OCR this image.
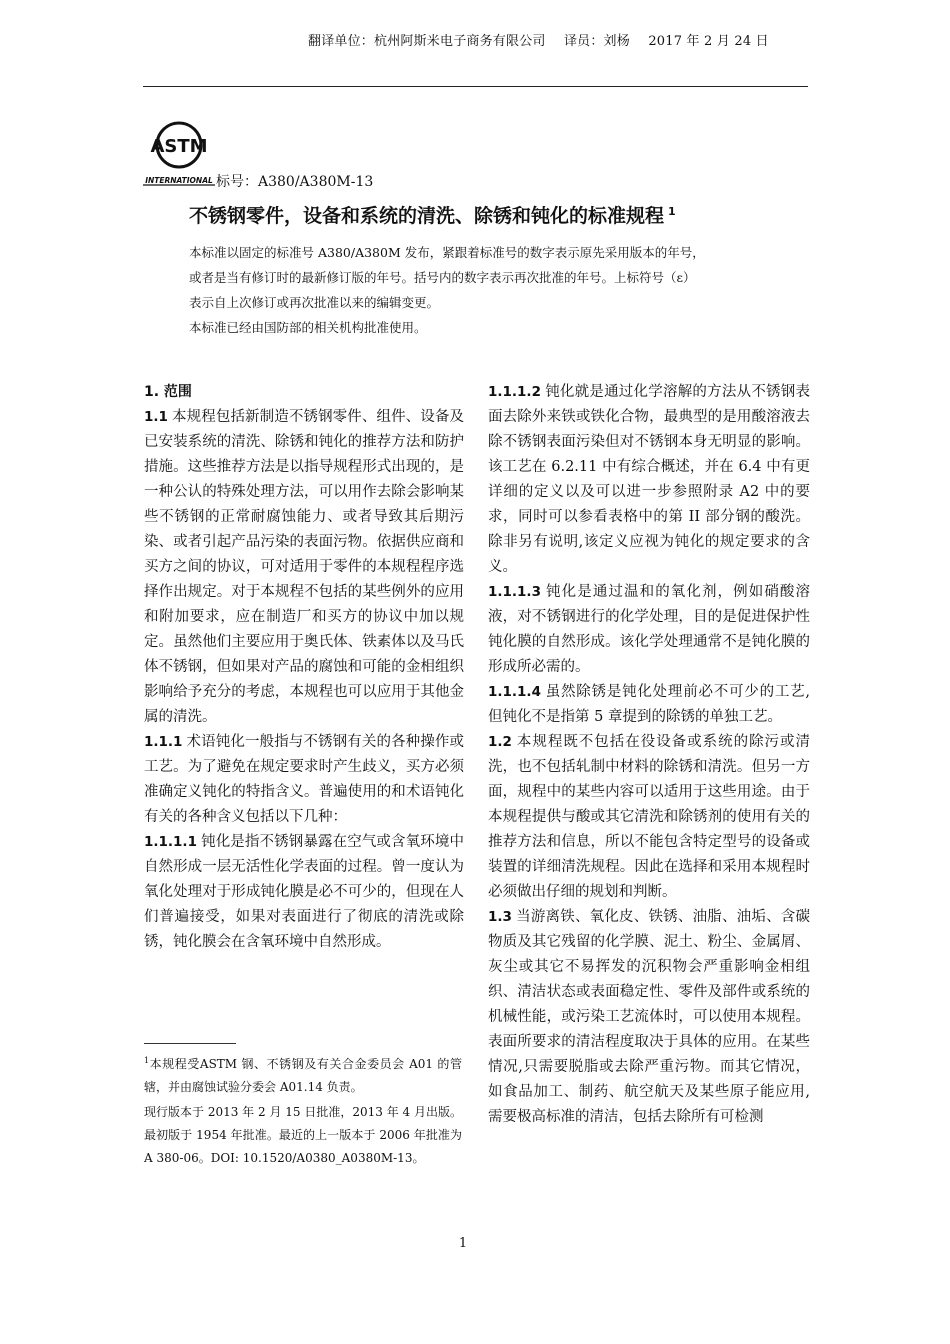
翻译单位：杭州阿斯米电子商务有限公司 译员：刘杨 2017 年 2 月 24 日
ASTM
INTERNATIONAL 标号：A380/A380M-13
不锈钢零件，设备和系统的清洗、除锈和钝化的标准规程 $^1$

本标准以固定的标准号 A380/A380M 发布，紧跟着标准号的数字表示原先采用版本的年号，

或者是当有修订时的最新修订版的年号。括号内的数字表示再次批准的年号。上标符号（ε）

表示自上次修订或再次批准以来的编辑变更。

本标准已经由国防部的相关机构批准使用。

1. 范围

1.1 本规程包括新制造不锈钢零件、组件、设备及已安装系统的清洗、除锈和钝化的推荐方法和防护措施。这些推荐方法是以指导规程形式出现的，是一种公认的特殊处理方法，可以用作去除会影响某些不锈钢的正常耐腐蚀能力、或者导致其后期污染、或者引起产品污染的表面污物。依据供应商和买方之间的协议，可对适用于零件的本规程程序选择作出规定。对于本规程不包括的某些例外的应用和附加要求，应在制造厂和买方的协议中加以规定。虽然他们主要应用于奥氏体、铁素体以及马氏体不锈钢，但如果对产品的腐蚀和可能的金相组织影响给予充分的考虑，本规程也可以应用于其他金属的清洗。

1.1.1 术语钝化一般指与不锈钢有关的各种操作或工艺。为了避免在规定要求时产生歧义，买方必须准确定义钝化的特指含义。普遍使用的和术语钝化有关的各种含义包括以下几种：

1.1.1.1 钝化是指不锈钢暴露在空气或含氧环境中自然形成一层无活性化学表面的过程。曾一度认为氧化处理对于形成钝化膜是必不可少的，但现在人们普遍接受，如果对表面进行了彻底的清洗或除锈，钝化膜会在含氧环境中自然形成。

$^1$本规程受ASTM 钢、不锈钢及有关合金委员会 A01 的管辖，并由腐蚀试验分委会 A01.14 负责。

现行版本于 2013 年 2 月 15 日批准，2013 年 4 月出版。最初版于 1954 年批准。最近的上一版本于 2006 年批准为 A 380-06。DOI: 10.1520/A0380_A0380M-13。

1.1.1.2 钝化就是通过化学溶解的方法从不锈钢表面去除外来铁或铁化合物，最典型的是用酸溶液去除不锈钢表面污染但对不锈钢本身无明显的影响。该工艺在 6.2.11 中有综合概述，并在 6.4 中有更详细的定义以及可以进一步参照附录 A2 中的要求，同时可以参看表格中的第 II 部分钢的酸洗。除非另有说明,该定义应视为钝化的规定要求的含义。

1.1.1.3 钝化是通过温和的氧化剂，例如硝酸溶液，对不锈钢进行的化学处理，目的是促进保护性钝化膜的自然形成。该化学处理通常不是钝化膜的形成所必需的。

1.1.1.4 虽然除锈是钝化处理前必不可少的工艺,但钝化不是指第 5 章提到的除锈的单独工艺。

1.2 本规程既不包括在役设备或系统的除污或清洗，也不包括轧制中材料的除锈和清洗。但另一方面，规程中的某些内容可以适用于这些用途。由于本规程提供与酸或其它清洗和除锈剂的使用有关的推荐方法和信息，所以不能包含特定型号的设备或装置的详细清洗规程。因此在选择和采用本规程时必须做出仔细的规划和判断。

1.3 当游离铁、氧化皮、铁锈、油脂、油垢、含碳物质及其它残留的化学膜、泥土、粉尘、金属屑、灰尘或其它不易挥发的沉积物会严重影响金相组织、清洁状态或表面稳定性、零件及部件或系统的机械性能，或污染工艺流体时，可以使用本规程。表面所要求的清洁程度取决于具体的应用。在某些情况,只需要脱脂或去除严重污物。而其它情况，如食品加工、制药、航空航天及某些原子能应用,需要极高标准的清洁，包括去除所有可检测

1
